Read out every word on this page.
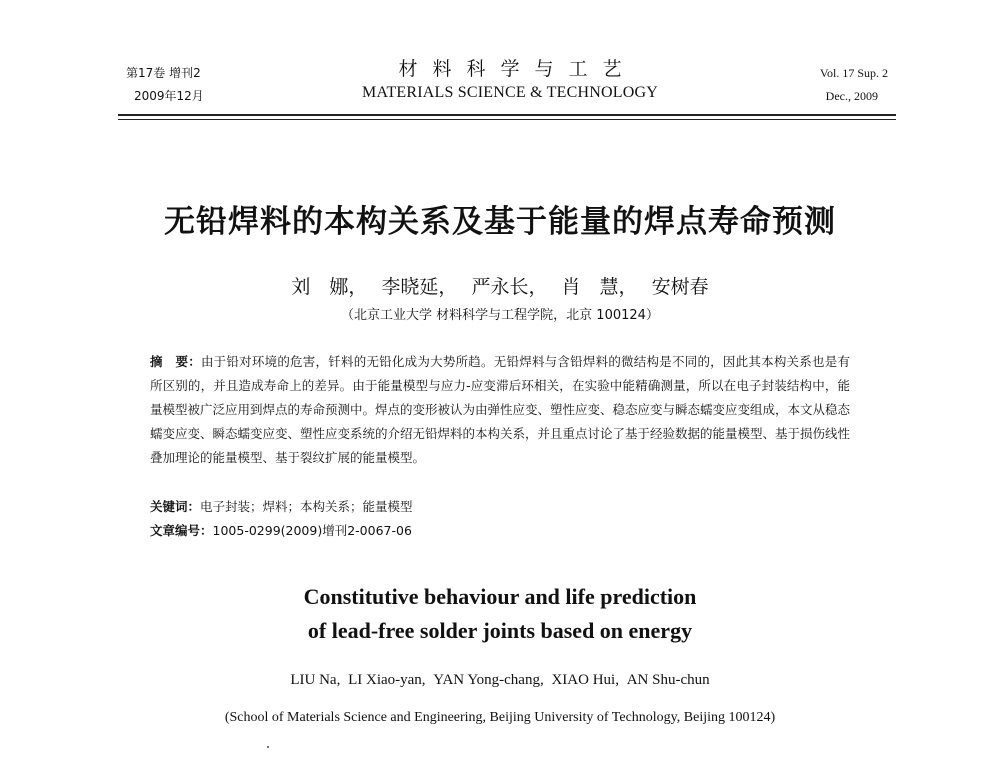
第17卷 增刊2
2009年12月
材料科学与工艺
MATERIALS SCIENCE & TECHNOLOGY
Vol. 17 Sup. 2
Dec., 2009
无铅焊料的本构关系及基于能量的焊点寿命预测
刘　娜， 李晓延， 严永长， 肖　慧， 安树春
（北京工业大学 材料科学与工程学院，北京 100124）
摘　要：由于铅对环境的危害，钎料的无铅化成为大势所趋。无铅焊料与含铅焊料的微结构是不同的，因此其本构关系也是有所区别的，并且造成寿命上的差异。由于能量模型与应力-应变滞后环相关，在实验中能精确测量，所以在电子封装结构中，能量模型被广泛应用到焊点的寿命预测中。焊点的变形被认为由弹性应变、塑性应变、稳态应变与瞬态蠕变应变组成，本文从稳态蠕变应变、瞬态蠕变应变、塑性应变系统的介绍无铅焊料的本构关系，并且重点讨论了基于经验数据的能量模型、基于损伤线性叠加理论的能量模型、基于裂纹扩展的能量模型。
关键词：电子封装；焊料；本构关系；能量模型
文章编号：1005-0299(2009)增刊2-0067-06
Constitutive behaviour and life prediction
of lead-free solder joints based on energy
LIU Na, LI Xiao-yan, YAN Yong-chang, XIAO Hui, AN Shu-chun
(School of Materials Science and Engineering, Beijing University of Technology, Beijing 100124)
